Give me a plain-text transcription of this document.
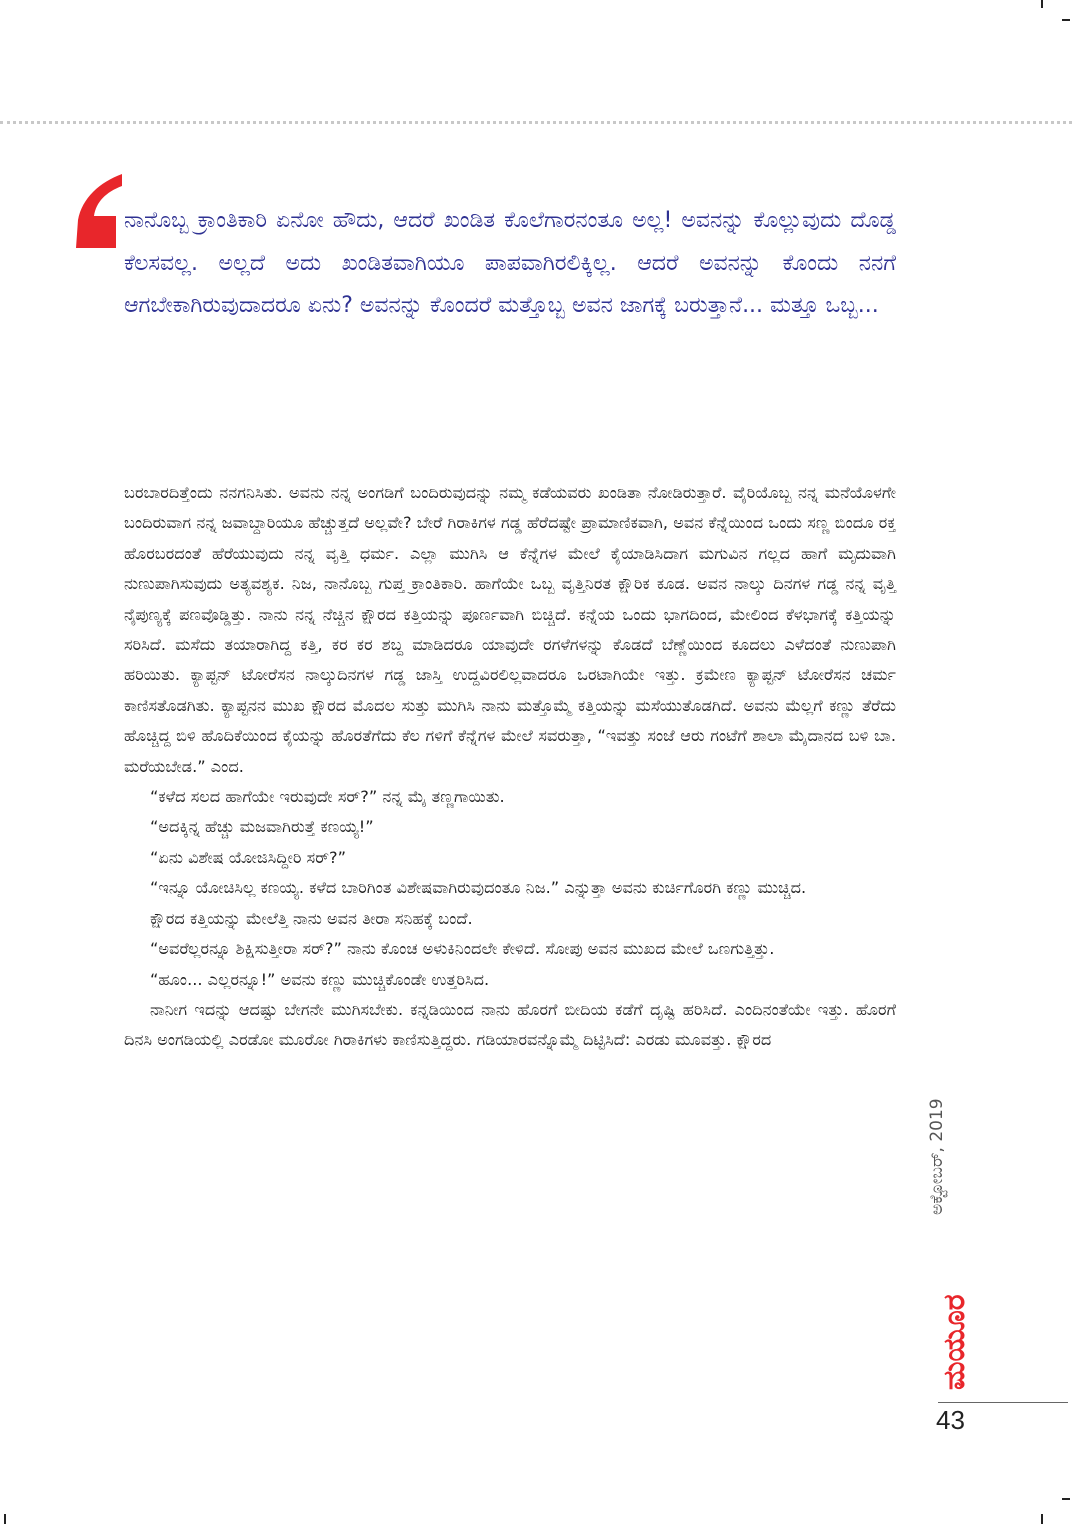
ನಾನೊಬ್ಬ ಕ್ರಾಂತಿಕಾರಿ ಏನೋ ಹೌದು, ಆದರೆ ಖಂಡಿತ ಕೊಲೆಗಾರನಂತೂ ಅಲ್ಲ! ಅವನನ್ನು ಕೊಲ್ಲುವುದು ದೊಡ್ಡ ಕೆಲಸವಲ್ಲ. ಅಲ್ಲದೆ ಅದು ಖಂಡಿತವಾಗಿಯೂ ಪಾಪವಾಗಿರಲಿಕ್ಕಿಲ್ಲ. ಆದರೆ ಅವನನ್ನು ಕೊಂದು ನನಗೆ ಆಗಬೇಕಾಗಿರುವುದಾದರೂ ಏನು? ಅವನನ್ನು ಕೊಂದರೆ ಮತ್ತೊಬ್ಬ ಅವನ ಜಾಗಕ್ಕೆ ಬರುತ್ತಾನೆ... ಮತ್ತೂ ಒಬ್ಬ...

ಬರಬಾರದಿತ್ತೆಂದು ನನಗನಿಸಿತು. ಅವನು ನನ್ನ ಅಂಗಡಿಗೆ ಬಂದಿರುವುದನ್ನು ನಮ್ಮ ಕಡೆಯವರು ಖಂಡಿತಾ ನೋಡಿರುತ್ತಾರೆ. ವೈರಿಯೊಬ್ಬ ನನ್ನ ಮನೆಯೊಳಗೇ ಬಂದಿರುವಾಗ ನನ್ನ ಜವಾಬ್ದಾರಿಯೂ ಹೆಚ್ಚುತ್ತದೆ ಅಲ್ಲವೇ? ಬೇರೆ ಗಿರಾಕಿಗಳ ಗಡ್ಡ ಹೆರೆದಷ್ಟೇ ಪ್ರಾಮಾಣಿಕವಾಗಿ, ಅವನ ಕೆನ್ನೆಯಿಂದ ಒಂದು ಸಣ್ಣ ಬಿಂದೂ ರಕ್ತ ಹೊರಬರದಂತೆ ಹೆರೆಯುವುದು ನನ್ನ ವೃತ್ತಿ ಧರ್ಮ. ಎಲ್ಲಾ ಮುಗಿಸಿ ಆ ಕೆನ್ನೆಗಳ ಮೇಲೆ ಕೈಯಾಡಿಸಿದಾಗ ಮಗುವಿನ ಗಲ್ಲದ ಹಾಗೆ ಮೃದುವಾಗಿ ನುಣುಪಾಗಿಸುವುದು ಅತ್ಯವಶ್ಯಕ. ನಿಜ, ನಾನೊಬ್ಬ ಗುಪ್ತ ಕ್ರಾಂತಿಕಾರಿ. ಹಾಗೆಯೇ ಒಬ್ಬ ವೃತ್ತಿನಿರತ ಕ್ಷೌರಿಕ ಕೂಡ. ಅವನ ನಾಲ್ಕು ದಿನಗಳ ಗಡ್ಡ ನನ್ನ ವೃತ್ತಿ ನೈಪುಣ್ಯಕ್ಕೆ ಪಣವೊಡ್ಡಿತ್ತು. ನಾನು ನನ್ನ ನೆಚ್ಚಿನ ಕ್ಷೌರದ ಕತ್ತಿಯನ್ನು ಪೂರ್ಣವಾಗಿ ಬಿಚ್ಚಿದೆ. ಕನ್ನೆಯ ಒಂದು ಭಾಗದಿಂದ, ಮೇಲಿಂದ ಕೆಳಭಾಗಕ್ಕೆ ಕತ್ತಿಯನ್ನು ಸರಿಸಿದೆ. ಮಸೆದು ತಯಾರಾಗಿದ್ದ ಕತ್ತಿ, ಕರ ಕರ ಶಬ್ದ ಮಾಡಿದರೂ ಯಾವುದೇ ರಗಳೆಗಳನ್ನು ಕೊಡದೆ ಬೆಣ್ಣೆಯಿಂದ ಕೂದಲು ಎಳೆದಂತೆ ನುಣುಪಾಗಿ ಹರಿಯಿತು. ಕ್ಯಾಪ್ಟನ್ ಟೋರೆಸನ ನಾಲ್ಕುದಿನಗಳ ಗಡ್ಡ ಜಾಸ್ತಿ ಉದ್ದವಿರಲಿಲ್ಲವಾದರೂ ಒರಟಾಗಿಯೇ ಇತ್ತು. ಕ್ರಮೇಣ ಕ್ಯಾಪ್ಟನ್ ಟೋರೆಸನ ಚರ್ಮ ಕಾಣಿಸತೊಡಗಿತು. ಕ್ಯಾಪ್ಟನನ ಮುಖ ಕ್ಷೌರದ ಮೊದಲ ಸುತ್ತು ಮುಗಿಸಿ ನಾನು ಮತ್ತೊಮ್ಮೆ ಕತ್ತಿಯನ್ನು ಮಸೆಯುತೊಡಗಿದೆ. ಅವನು ಮೆಲ್ಲಗೆ ಕಣ್ಣು ತೆರೆದು ಹೊಚ್ಚಿದ್ದ ಬಿಳಿ ಹೊದಿಕೆಯಿಂದ ಕೈಯನ್ನು ಹೊರತೆಗೆದು ಕೆಲ ಗಳಿಗೆ ಕೆನ್ನೆಗಳ ಮೇಲೆ ಸವರುತ್ತಾ, “ಇವತ್ತು ಸಂಜೆ ಆರು ಗಂಟೆಗೆ ಶಾಲಾ ಮೈದಾನದ ಬಳಿ ಬಾ. ಮರೆಯಬೇಡ.” ಎಂದ.

“ಕಳೆದ ಸಲದ ಹಾಗೆಯೇ ಇರುವುದೇ ಸರ್?” ನನ್ನ ಮೈ ತಣ್ಣಗಾಯಿತು.

“ಅದಕ್ಕಿನ್ನ ಹೆಚ್ಚು ಮಜವಾಗಿರುತ್ತೆ ಕಣಯ್ಯ!”

“ಏನು ವಿಶೇಷ ಯೋಜಿಸಿದ್ದೀರಿ ಸರ್?”

“ಇನ್ನೂ ಯೋಚಿಸಿಲ್ಲ ಕಣಯ್ಯ. ಕಳೆದ ಬಾರಿಗಿಂತ ವಿಶೇಷವಾಗಿರುವುದಂತೂ ನಿಜ.” ಎನ್ನುತ್ತಾ ಅವನು ಕುರ್ಚಿಗೊರಗಿ ಕಣ್ಣು ಮುಚ್ಚಿದ.

ಕ್ಷೌರದ ಕತ್ತಿಯನ್ನು ಮೇಲೆತ್ತಿ ನಾನು ಅವನ ತೀರಾ ಸನಿಹಕ್ಕೆ ಬಂದೆ.

“ಅವರೆಲ್ಲರನ್ನೂ ಶಿಕ್ಷಿಸುತ್ತೀರಾ ಸರ್?” ನಾನು ಕೊಂಚ ಅಳುಕಿನಿಂದಲೇ ಕೇಳಿದೆ. ಸೋಪು ಅವನ ಮುಖದ ಮೇಲೆ ಒಣಗುತ್ತಿತ್ತು.

“ಹೂಂ... ಎಲ್ಲರನ್ನೂ!” ಅವನು ಕಣ್ಣು ಮುಚ್ಚಿಕೊಂಡೇ ಉತ್ತರಿಸಿದ.

ನಾನೀಗ ಇದನ್ನು ಆದಷ್ಟು ಬೇಗನೇ ಮುಗಿಸಬೇಕು. ಕನ್ನಡಿಯಿಂದ ನಾನು ಹೊರಗೆ ಬೀದಿಯ ಕಡೆಗೆ ದೃಷ್ಟಿ ಹರಿಸಿದೆ. ಎಂದಿನಂತೆಯೇ ಇತ್ತು. ಹೊರಗೆ ದಿನಸಿ ಅಂಗಡಿಯಲ್ಲಿ ಎರಡೋ ಮೂರೋ ಗಿರಾಕಿಗಳು ಕಾಣಿಸುತ್ತಿದ್ದರು. ಗಡಿಯಾರವನ್ನೊಮ್ಮೆ ದಿಟ್ಟಿಸಿದೆ: ಎರಡು ಮೂವತ್ತು. ಕ್ಷೌರದ

ಅಕ್ಟೋಬರ್, 2019
ಮಯೂರ
43
